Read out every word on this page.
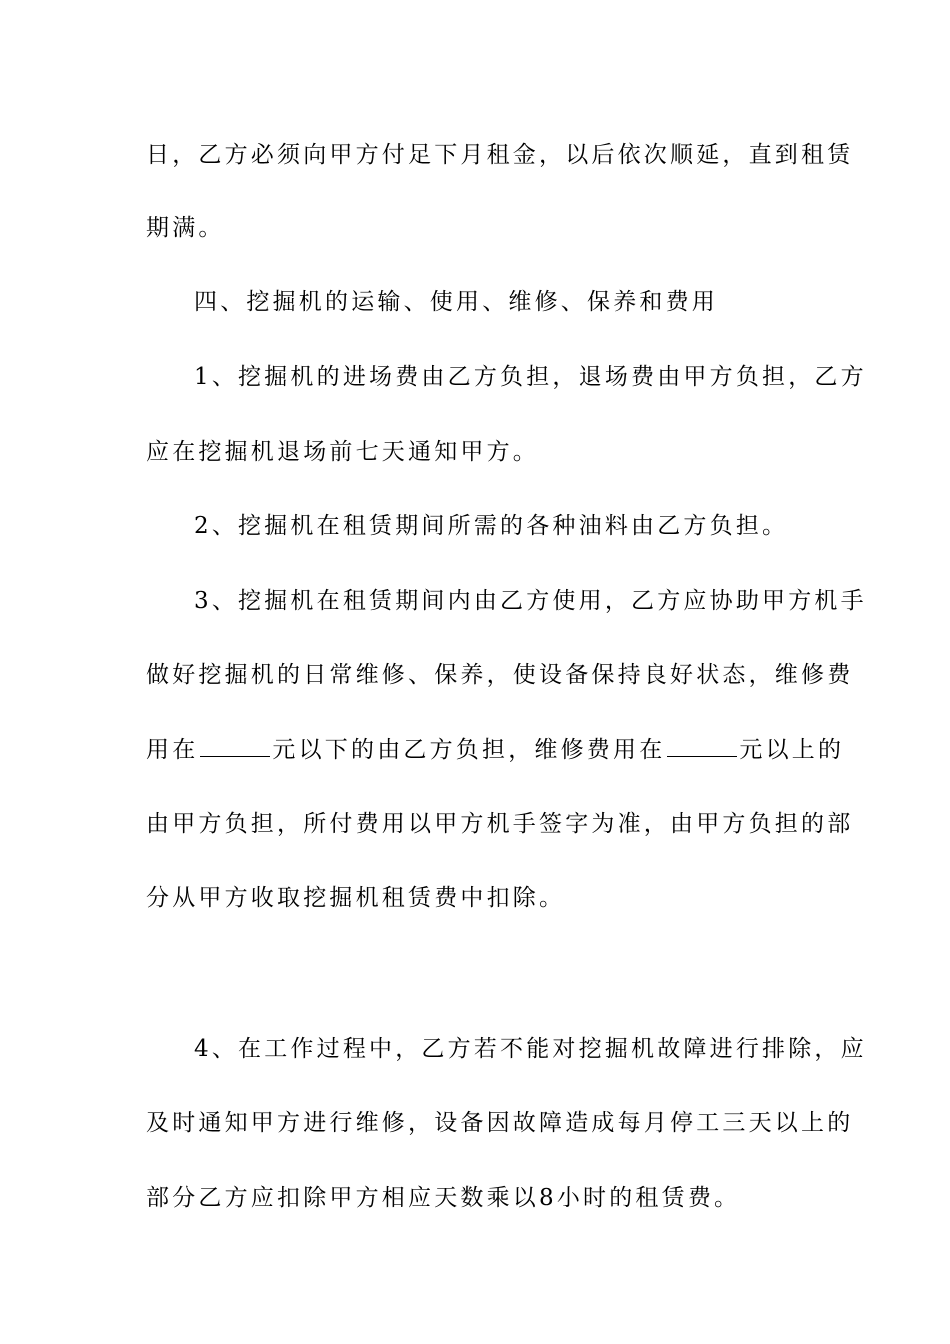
日，乙方必须向甲方付足下月租金，以后依次顺延，直到租赁
期满。
四、挖掘机的运输、使用、维修、保养和费用
1、挖掘机的进场费由乙方负担，退场费由甲方负担，乙方
应在挖掘机退场前七天通知甲方。
2、挖掘机在租赁期间所需的各种油料由乙方负担。
3、挖掘机在租赁期间内由乙方使用，乙方应协助甲方机手
做好挖掘机的日常维修、保养，使设备保持良好状态，维修费
用在	元以下的由乙方负担，维修费用在	元以上的
由甲方负担，所付费用以甲方机手签字为准，由甲方负担的部
分从甲方收取挖掘机租赁费中扣除。
4、在工作过程中，乙方若不能对挖掘机故障进行排除，应
及时通知甲方进行维修，设备因故障造成每月停工三天以上的
部分乙方应扣除甲方相应天数乘以8小时的租赁费。
